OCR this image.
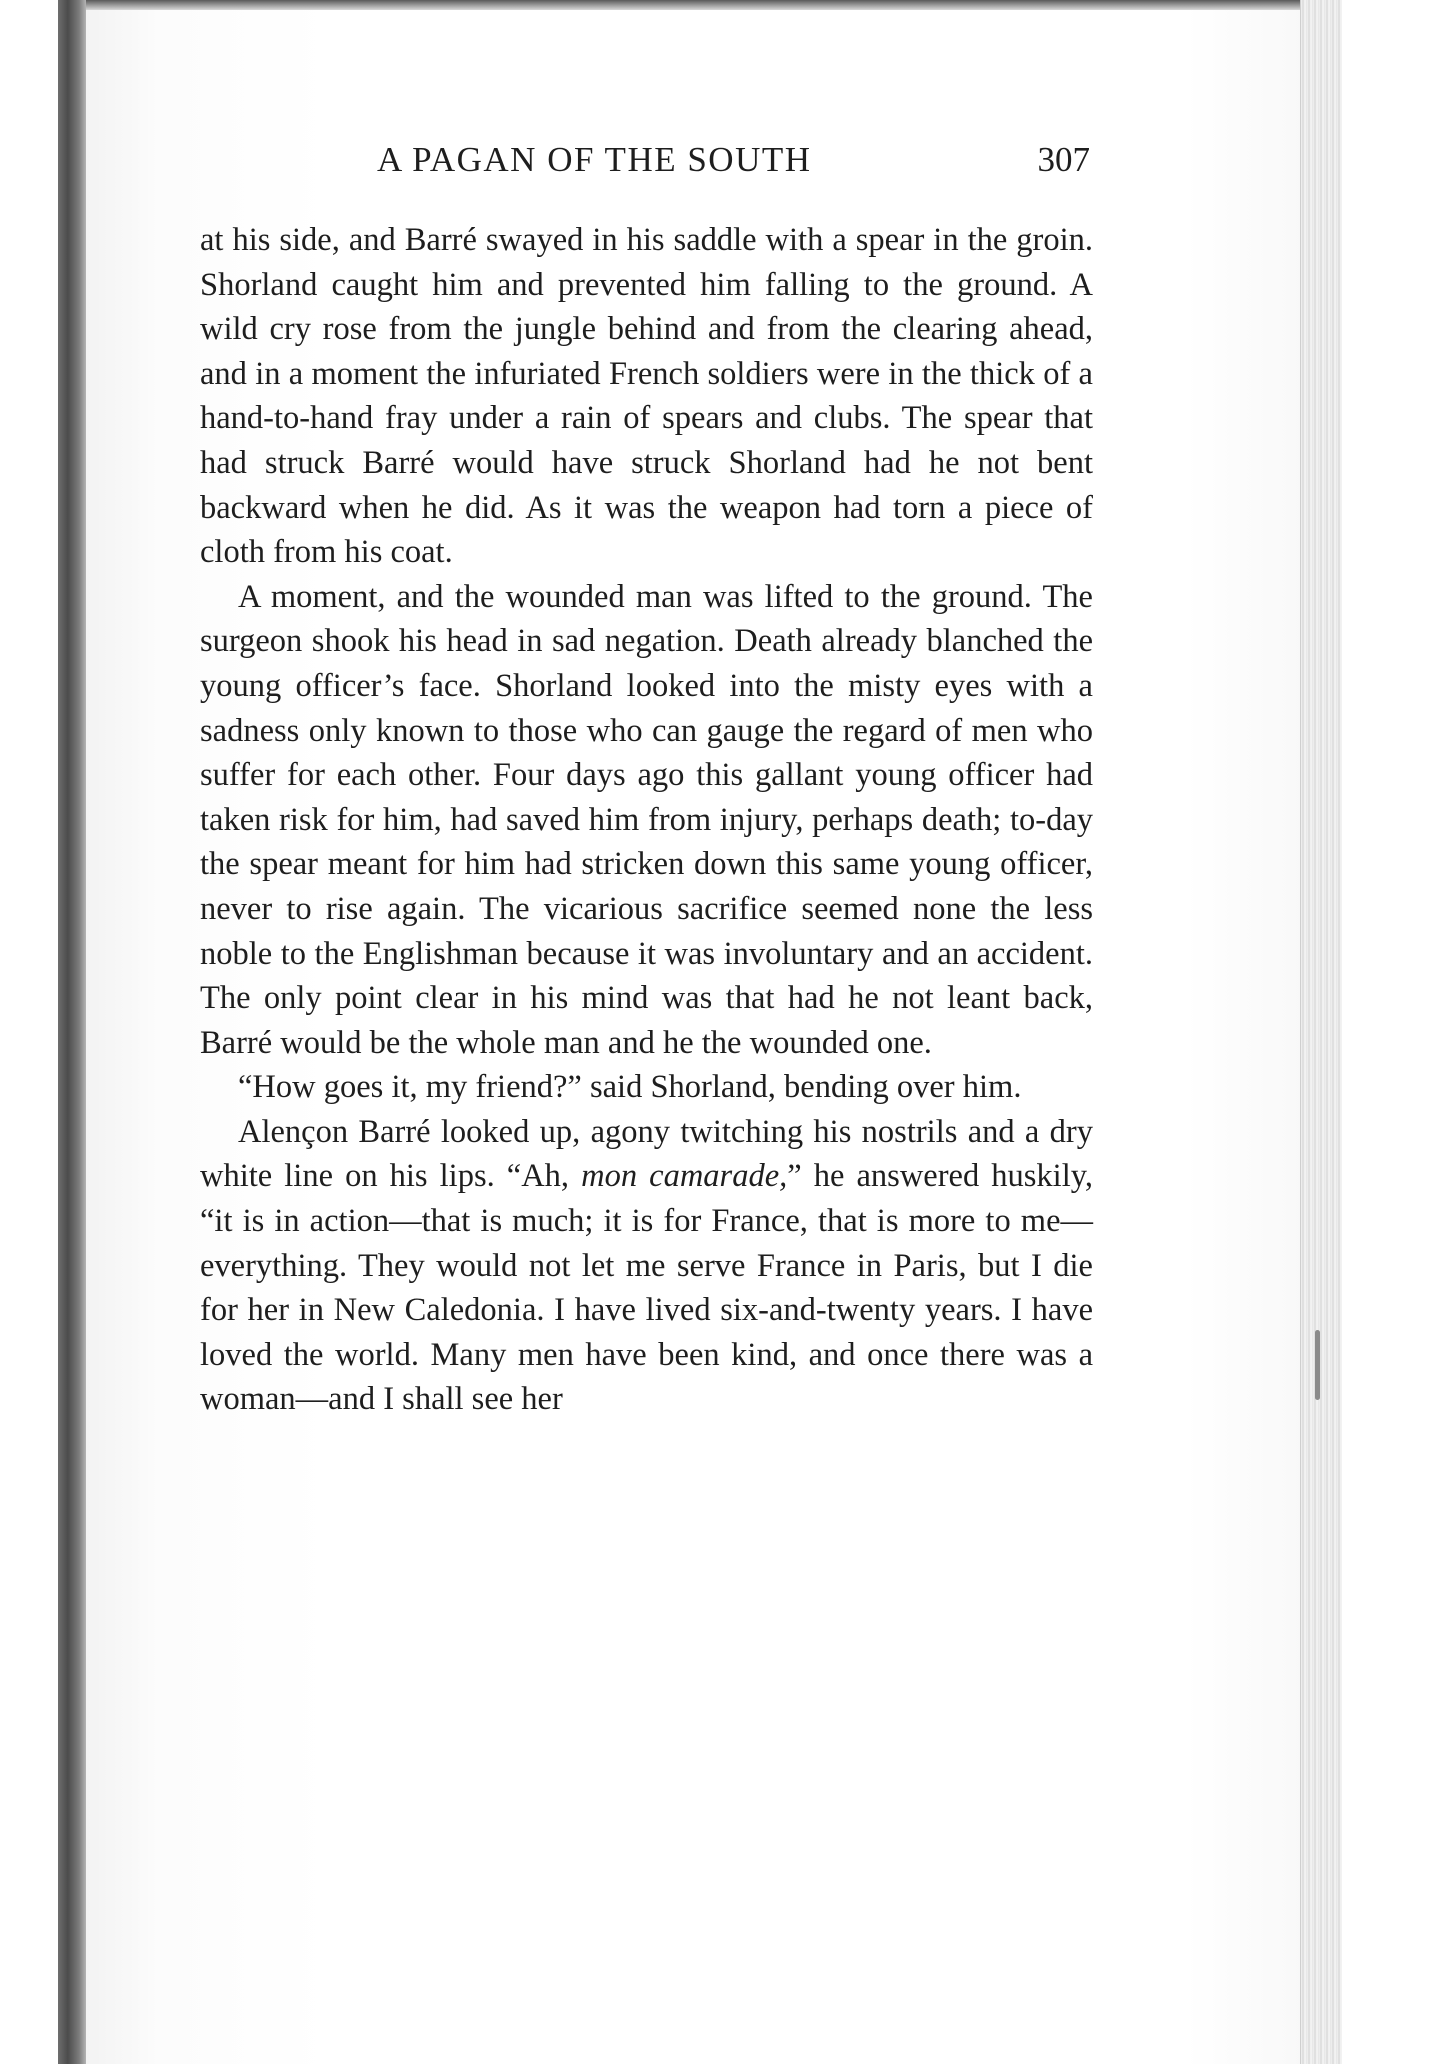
A PAGAN OF THE SOUTH	307

at his side, and Barré swayed in his saddle with a spear in the groin. Shorland caught him and prevented him falling to the ground. A wild cry rose from the jungle behind and from the clearing ahead, and in a moment the infuriated French soldiers were in the thick of a hand-to-hand fray under a rain of spears and clubs. The spear that had struck Barré would have struck Shorland had he not bent backward when he did. As it was the weapon had torn a piece of cloth from his coat.

A moment, and the wounded man was lifted to the ground. The surgeon shook his head in sad negation. Death already blanched the young officer’s face. Shorland looked into the misty eyes with a sadness only known to those who can gauge the regard of men who suffer for each other. Four days ago this gallant young officer had taken risk for him, had saved him from injury, perhaps death; to-day the spear meant for him had stricken down this same young officer, never to rise again. The vicarious sacrifice seemed none the less noble to the Englishman because it was involuntary and an accident. The only point clear in his mind was that had he not leant back, Barré would be the whole man and he the wounded one.

“How goes it, my friend?” said Shorland, bending over him.

Alençon Barré looked up, agony twitching his nostrils and a dry white line on his lips. “Ah, mon camarade,” he answered huskily, “it is in action—that is much; it is for France, that is more to me—everything. They would not let me serve France in Paris, but I die for her in New Caledonia. I have lived six-and-twenty years. I have loved the world. Many men have been kind, and once there was a woman—and I shall see her
